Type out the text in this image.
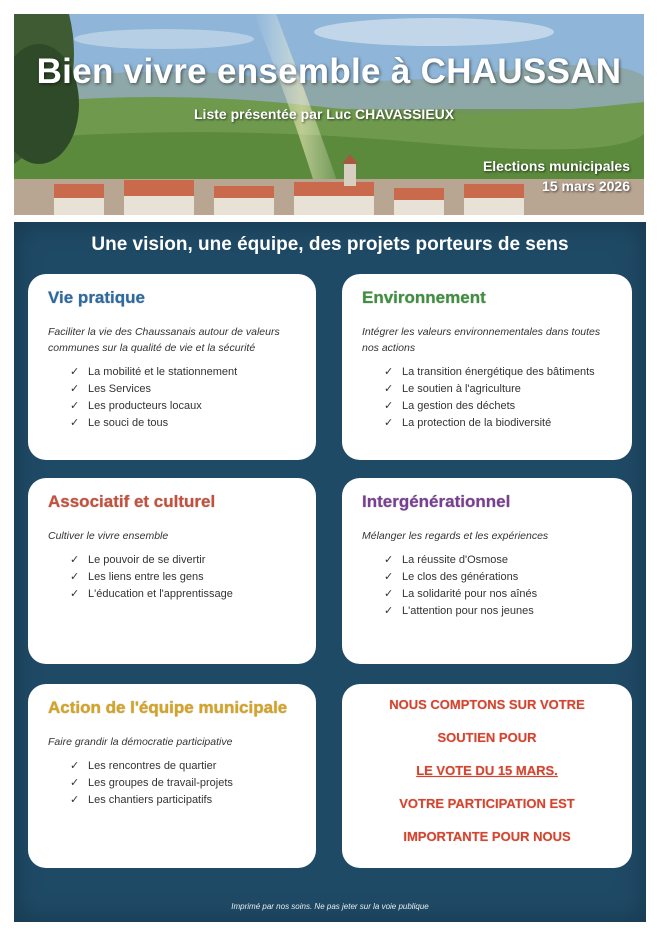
Bien vivre ensemble à CHAUSSAN
Liste présentée par Luc CHAVASSIEUX
Elections municipales
15 mars 2026
Une vision, une équipe, des projets porteurs de sens
Vie pratique

Faciliter la vie des Chaussanais autour de valeurs communes sur la qualité de vie et la sécurité

✓ La mobilité et le stationnement
✓ Les Services
✓ Les producteurs locaux
✓ Le souci de tous
Environnement

Intégrer les valeurs environnementales dans toutes nos actions

✓ La transition énergétique des bâtiments
✓ Le soutien à l'agriculture
✓ La gestion des déchets
✓ La protection de la biodiversité
Associatif et culturel

Cultiver le vivre ensemble

✓ Le pouvoir de se divertir
✓ Les liens entre les gens
✓ L'éducation et l'apprentissage
Intergénérationnel

Mélanger les regards et les expériences

✓ La réussite d'Osmose
✓ Le clos des générations
✓ La solidarité pour nos aînés
✓ L'attention pour nos jeunes
Action de l'équipe municipale

Faire grandir la démocratie participative

✓ Les rencontres de quartier
✓ Les groupes de travail-projets
✓ Les chantiers participatifs

NOUS COMPTONS SUR VOTRE

SOUTIEN POUR

LE VOTE DU 15 MARS.

VOTRE PARTICIPATION EST

IMPORTANTE POUR NOUS

Imprimé par nos soins. Ne pas jeter sur la voie publique
